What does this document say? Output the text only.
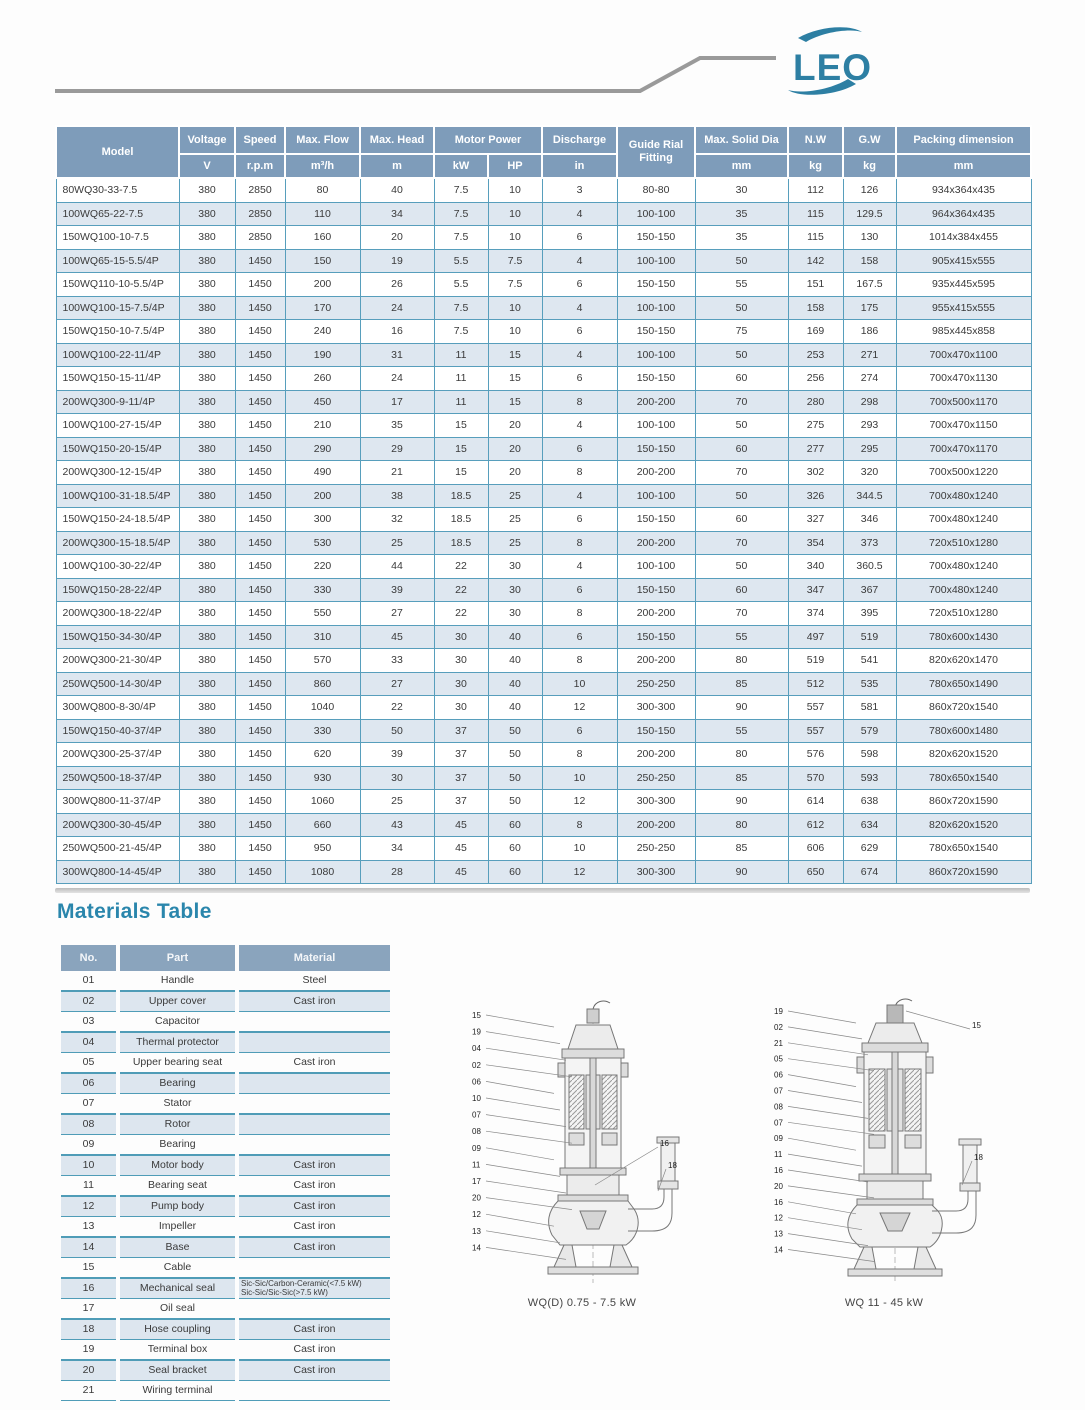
LEO
Model	Voltage	Speed	Max. Flow	Max. Head	Motor Power		Discharge	Guide Rial Fitting	Max. Solid Dia	N.W	G.W	Packing dimension
	V	r.p.m	m³/h	m	kW	HP	in		mm	kg	kg	mm
80WQ30-33-7.5	380	2850	80	40	7.5	10	3	80-80	30	112	126	934x364x435
100WQ65-22-7.5	380	2850	110	34	7.5	10	4	100-100	35	115	129.5	964x364x435
150WQ100-10-7.5	380	2850	160	20	7.5	10	6	150-150	35	115	130	1014x384x455
100WQ65-15-5.5/4P	380	1450	150	19	5.5	7.5	4	100-100	50	142	158	905x415x555
150WQ110-10-5.5/4P	380	1450	200	26	5.5	7.5	6	150-150	55	151	167.5	935x445x595
100WQ100-15-7.5/4P	380	1450	170	24	7.5	10	4	100-100	50	158	175	955x415x555
150WQ150-10-7.5/4P	380	1450	240	16	7.5	10	6	150-150	75	169	186	985x445x858
100WQ100-22-11/4P	380	1450	190	31	11	15	4	100-100	50	253	271	700x470x1100
150WQ150-15-11/4P	380	1450	260	24	11	15	6	150-150	60	256	274	700x470x1130
200WQ300-9-11/4P	380	1450	450	17	11	15	8	200-200	70	280	298	700x500x1170
100WQ100-27-15/4P	380	1450	210	35	15	20	4	100-100	50	275	293	700x470x1150
150WQ150-20-15/4P	380	1450	290	29	15	20	6	150-150	60	277	295	700x470x1170
200WQ300-12-15/4P	380	1450	490	21	15	20	8	200-200	70	302	320	700x500x1220
100WQ100-31-18.5/4P	380	1450	200	38	18.5	25	4	100-100	50	326	344.5	700x480x1240
150WQ150-24-18.5/4P	380	1450	300	32	18.5	25	6	150-150	60	327	346	700x480x1240
200WQ300-15-18.5/4P	380	1450	530	25	18.5	25	8	200-200	70	354	373	720x510x1280
100WQ100-30-22/4P	380	1450	220	44	22	30	4	100-100	50	340	360.5	700x480x1240
150WQ150-28-22/4P	380	1450	330	39	22	30	6	150-150	60	347	367	700x480x1240
200WQ300-18-22/4P	380	1450	550	27	22	30	8	200-200	70	374	395	720x510x1280
150WQ150-34-30/4P	380	1450	310	45	30	40	6	150-150	55	497	519	780x600x1430
200WQ300-21-30/4P	380	1450	570	33	30	40	8	200-200	80	519	541	820x620x1470
250WQ500-14-30/4P	380	1450	860	27	30	40	10	250-250	85	512	535	780x650x1490
300WQ800-8-30/4P	380	1450	1040	22	30	40	12	300-300	90	557	581	860x720x1540
150WQ150-40-37/4P	380	1450	330	50	37	50	6	150-150	55	557	579	780x600x1480
200WQ300-25-37/4P	380	1450	620	39	37	50	8	200-200	80	576	598	820x620x1520
250WQ500-18-37/4P	380	1450	930	30	37	50	10	250-250	85	570	593	780x650x1540
300WQ800-11-37/4P	380	1450	1060	25	37	50	12	300-300	90	614	638	860x720x1590
200WQ300-30-45/4P	380	1450	660	43	45	60	8	200-200	80	612	634	820x620x1520
250WQ500-21-45/4P	380	1450	950	34	45	60	10	250-250	85	606	629	780x650x1540
300WQ800-14-45/4P	380	1450	1080	28	45	60	12	300-300	90	650	674	860x720x1590
Materials Table
No.	Part	Material
01	Handle	Steel
02	Upper cover	Cast iron
03	Capacitor	
04	Thermal protector	
05	Upper bearing seat	Cast iron
06	Bearing	
07	Stator	
08	Rotor	
09	Bearing	
10	Motor body	Cast iron
11	Bearing seat	Cast iron
12	Pump body	Cast iron
13	Impeller	Cast iron
14	Base	Cast iron
15	Cable	
16	Mechanical seal	Sic-Sic/Carbon-Ceramic(<7.5 kW)
Sic-Sic/Sic-Sic(>7.5 kW)

17	Oil seal	
18	Hose coupling	Cast iron
19	Terminal box	Cast iron
20	Seal bracket	Cast iron
21	Wiring terminal	
15
19
04
02
06
10
07
08
09
11
17
20
12
13
14
16
18
WQ(D) 0.75 - 7.5 kW
19
02
21
05
06
07
08
07
09
11
16
20
16
12
13
14
15
18
WQ 11 - 45 kW
